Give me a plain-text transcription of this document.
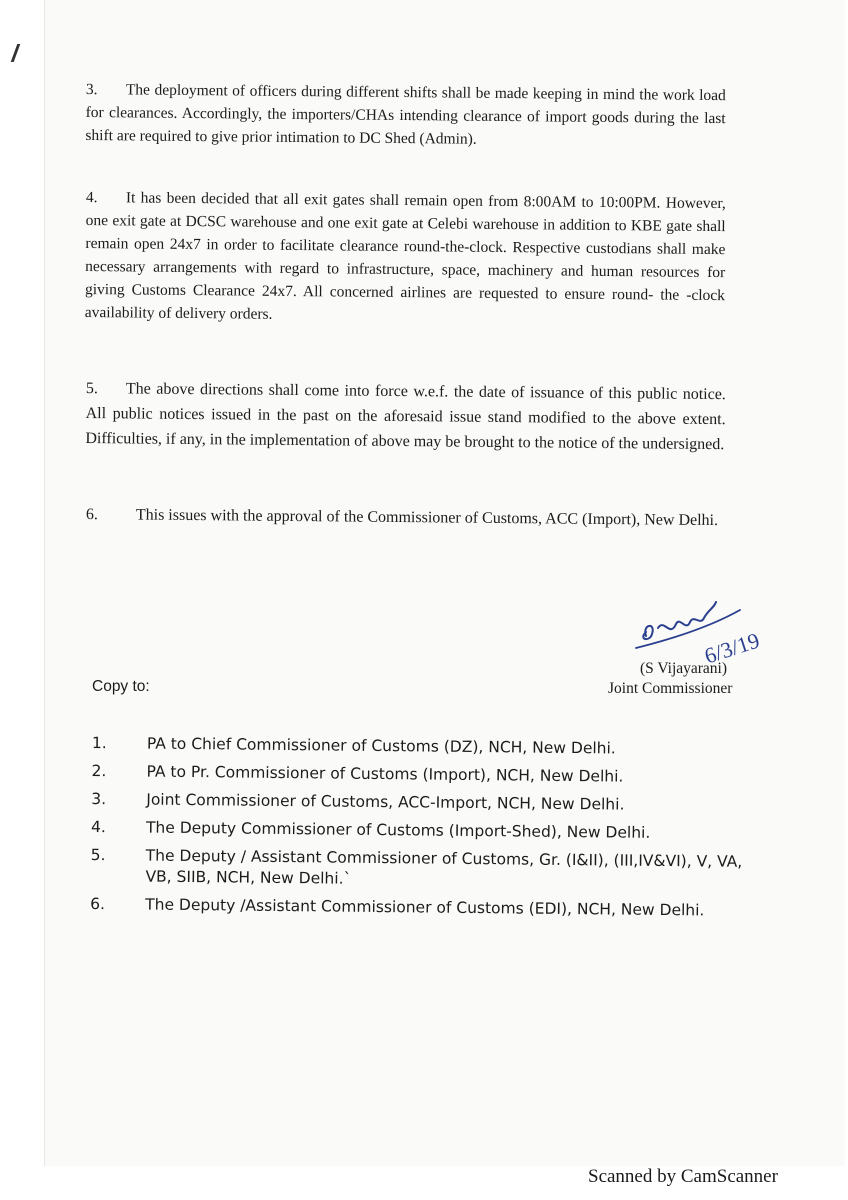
3. The deployment of officers during different shifts shall be made keeping in mind the work load for clearances. Accordingly, the importers/CHAs intending clearance of import goods during the last shift are required to give prior intimation to DC Shed (Admin).
4. It has been decided that all exit gates shall remain open from 8:00AM to 10:00PM. However, one exit gate at DCSC warehouse and one exit gate at Celebi warehouse in addition to KBE gate shall remain open 24x7 in order to facilitate clearance round-the-clock. Respective custodians shall make necessary arrangements with regard to infrastructure, space, machinery and human resources for giving Customs Clearance 24x7. All concerned airlines are requested to ensure round- the -clock availability of delivery orders.
5. The above directions shall come into force w.e.f. the date of issuance of this public notice. All public notices issued in the past on the aforesaid issue stand modified to the above extent. Difficulties, if any, in the implementation of above may be brought to the notice of the undersigned.
6. This issues with the approval of the Commissioner of Customs, ACC (Import), New Delhi.
6/3/19
(S Vijayarani)
Joint Commissioner
Copy to:
1.	PA to Chief Commissioner of Customs (DZ), NCH, New Delhi.
2.	PA to Pr. Commissioner of Customs (Import), NCH, New Delhi.
3.	Joint Commissioner of Customs, ACC-Import, NCH, New Delhi.
4.	The Deputy Commissioner of Customs (Import-Shed), New Delhi.
5.	The Deputy / Assistant Commissioner of Customs, Gr. (I&II), (III,IV&VI), V, VA, VB, SIIB, NCH, New Delhi.`
6.	The Deputy /Assistant Commissioner of Customs (EDI), NCH, New Delhi.
Scanned by CamScanner
